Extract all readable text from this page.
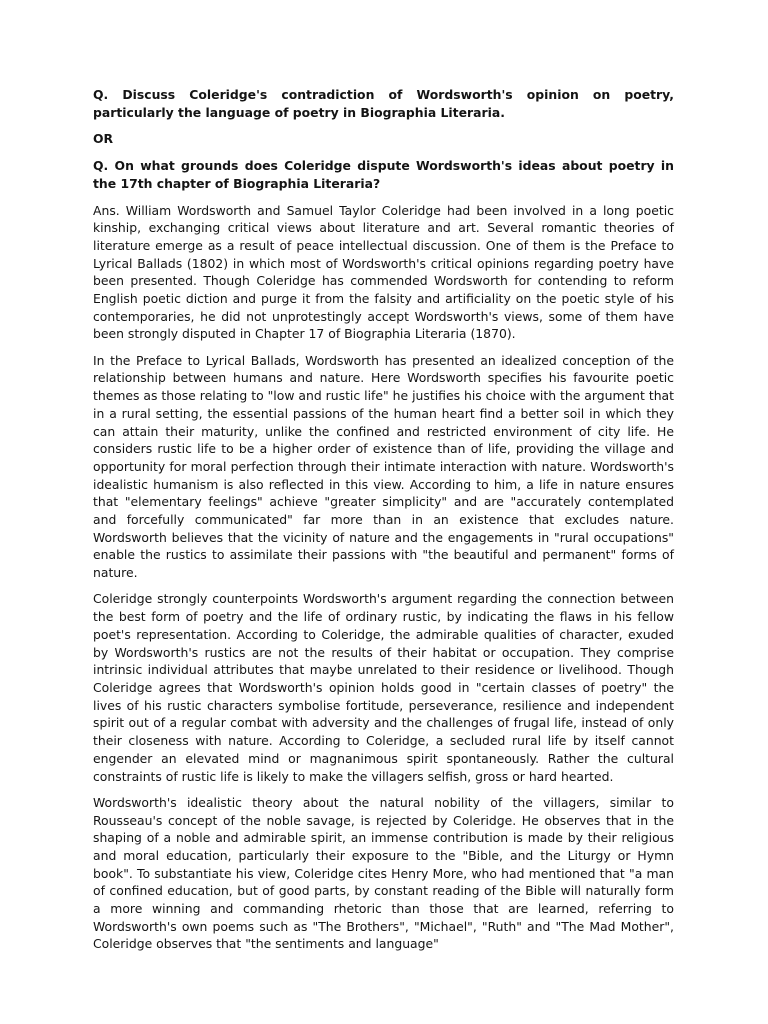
Q. Discuss Coleridge's contradiction of Wordsworth's opinion on poetry, particularly the language of poetry in Biographia Literaria.

OR

Q. On what grounds does Coleridge dispute Wordsworth's ideas about poetry in the 17th chapter of Biographia Literaria?

Ans. William Wordsworth and Samuel Taylor Coleridge had been involved in a long poetic kinship, exchanging critical views about literature and art. Several romantic theories of literature emerge as a result of peace intellectual discussion. One of them is the Preface to Lyrical Ballads (1802) in which most of Wordsworth's critical opinions regarding poetry have been presented. Though Coleridge has commended Wordsworth for contending to reform English poetic diction and purge it from the falsity and artificiality on the poetic style of his contemporaries, he did not unprotestingly accept Wordsworth's views, some of them have been strongly disputed in Chapter 17 of Biographia Literaria (1870).

In the Preface to Lyrical Ballads, Wordsworth has presented an idealized conception of the relationship between humans and nature. Here Wordsworth specifies his favourite poetic themes as those relating to "low and rustic life" he justifies his choice with the argument that in a rural setting, the essential passions of the human heart find a better soil in which they can attain their maturity, unlike the confined and restricted environment of city life. He considers rustic life to be a higher order of existence than of life, providing the village and opportunity for moral perfection through their intimate interaction with nature. Wordsworth's idealistic humanism is also reflected in this view. According to him, a life in nature ensures that "elementary feelings" achieve "greater simplicity" and are "accurately contemplated and forcefully communicated" far more than in an existence that excludes nature. Wordsworth believes that the vicinity of nature and the engagements in "rural occupations" enable the rustics to assimilate their passions with "the beautiful and permanent" forms of nature.

Coleridge strongly counterpoints Wordsworth's argument regarding the connection between the best form of poetry and the life of ordinary rustic, by indicating the flaws in his fellow poet's representation. According to Coleridge, the admirable qualities of character, exuded by Wordsworth's rustics are not the results of their habitat or occupation. They comprise intrinsic individual attributes that maybe unrelated to their residence or livelihood. Though Coleridge agrees that Wordsworth's opinion holds good in "certain classes of poetry" the lives of his rustic characters symbolise fortitude, perseverance, resilience and independent spirit out of a regular combat with adversity and the challenges of frugal life, instead of only their closeness with nature. According to Coleridge, a secluded rural life by itself cannot engender an elevated mind or magnanimous spirit spontaneously. Rather the cultural constraints of rustic life is likely to make the villagers selfish, gross or hard hearted.

Wordsworth's idealistic theory about the natural nobility of the villagers, similar to Rousseau's concept of the noble savage, is rejected by Coleridge. He observes that in the shaping of a noble and admirable spirit, an immense contribution is made by their religious and moral education, particularly their exposure to the "Bible, and the Liturgy or Hymn book". To substantiate his view, Coleridge cites Henry More, who had mentioned that "a man of confined education, but of good parts, by constant reading of the Bible will naturally form a more winning and commanding rhetoric than those that are learned, referring to Wordsworth's own poems such as "The Brothers", "Michael", "Ruth" and "The Mad Mother", Coleridge observes that "the sentiments and language"
